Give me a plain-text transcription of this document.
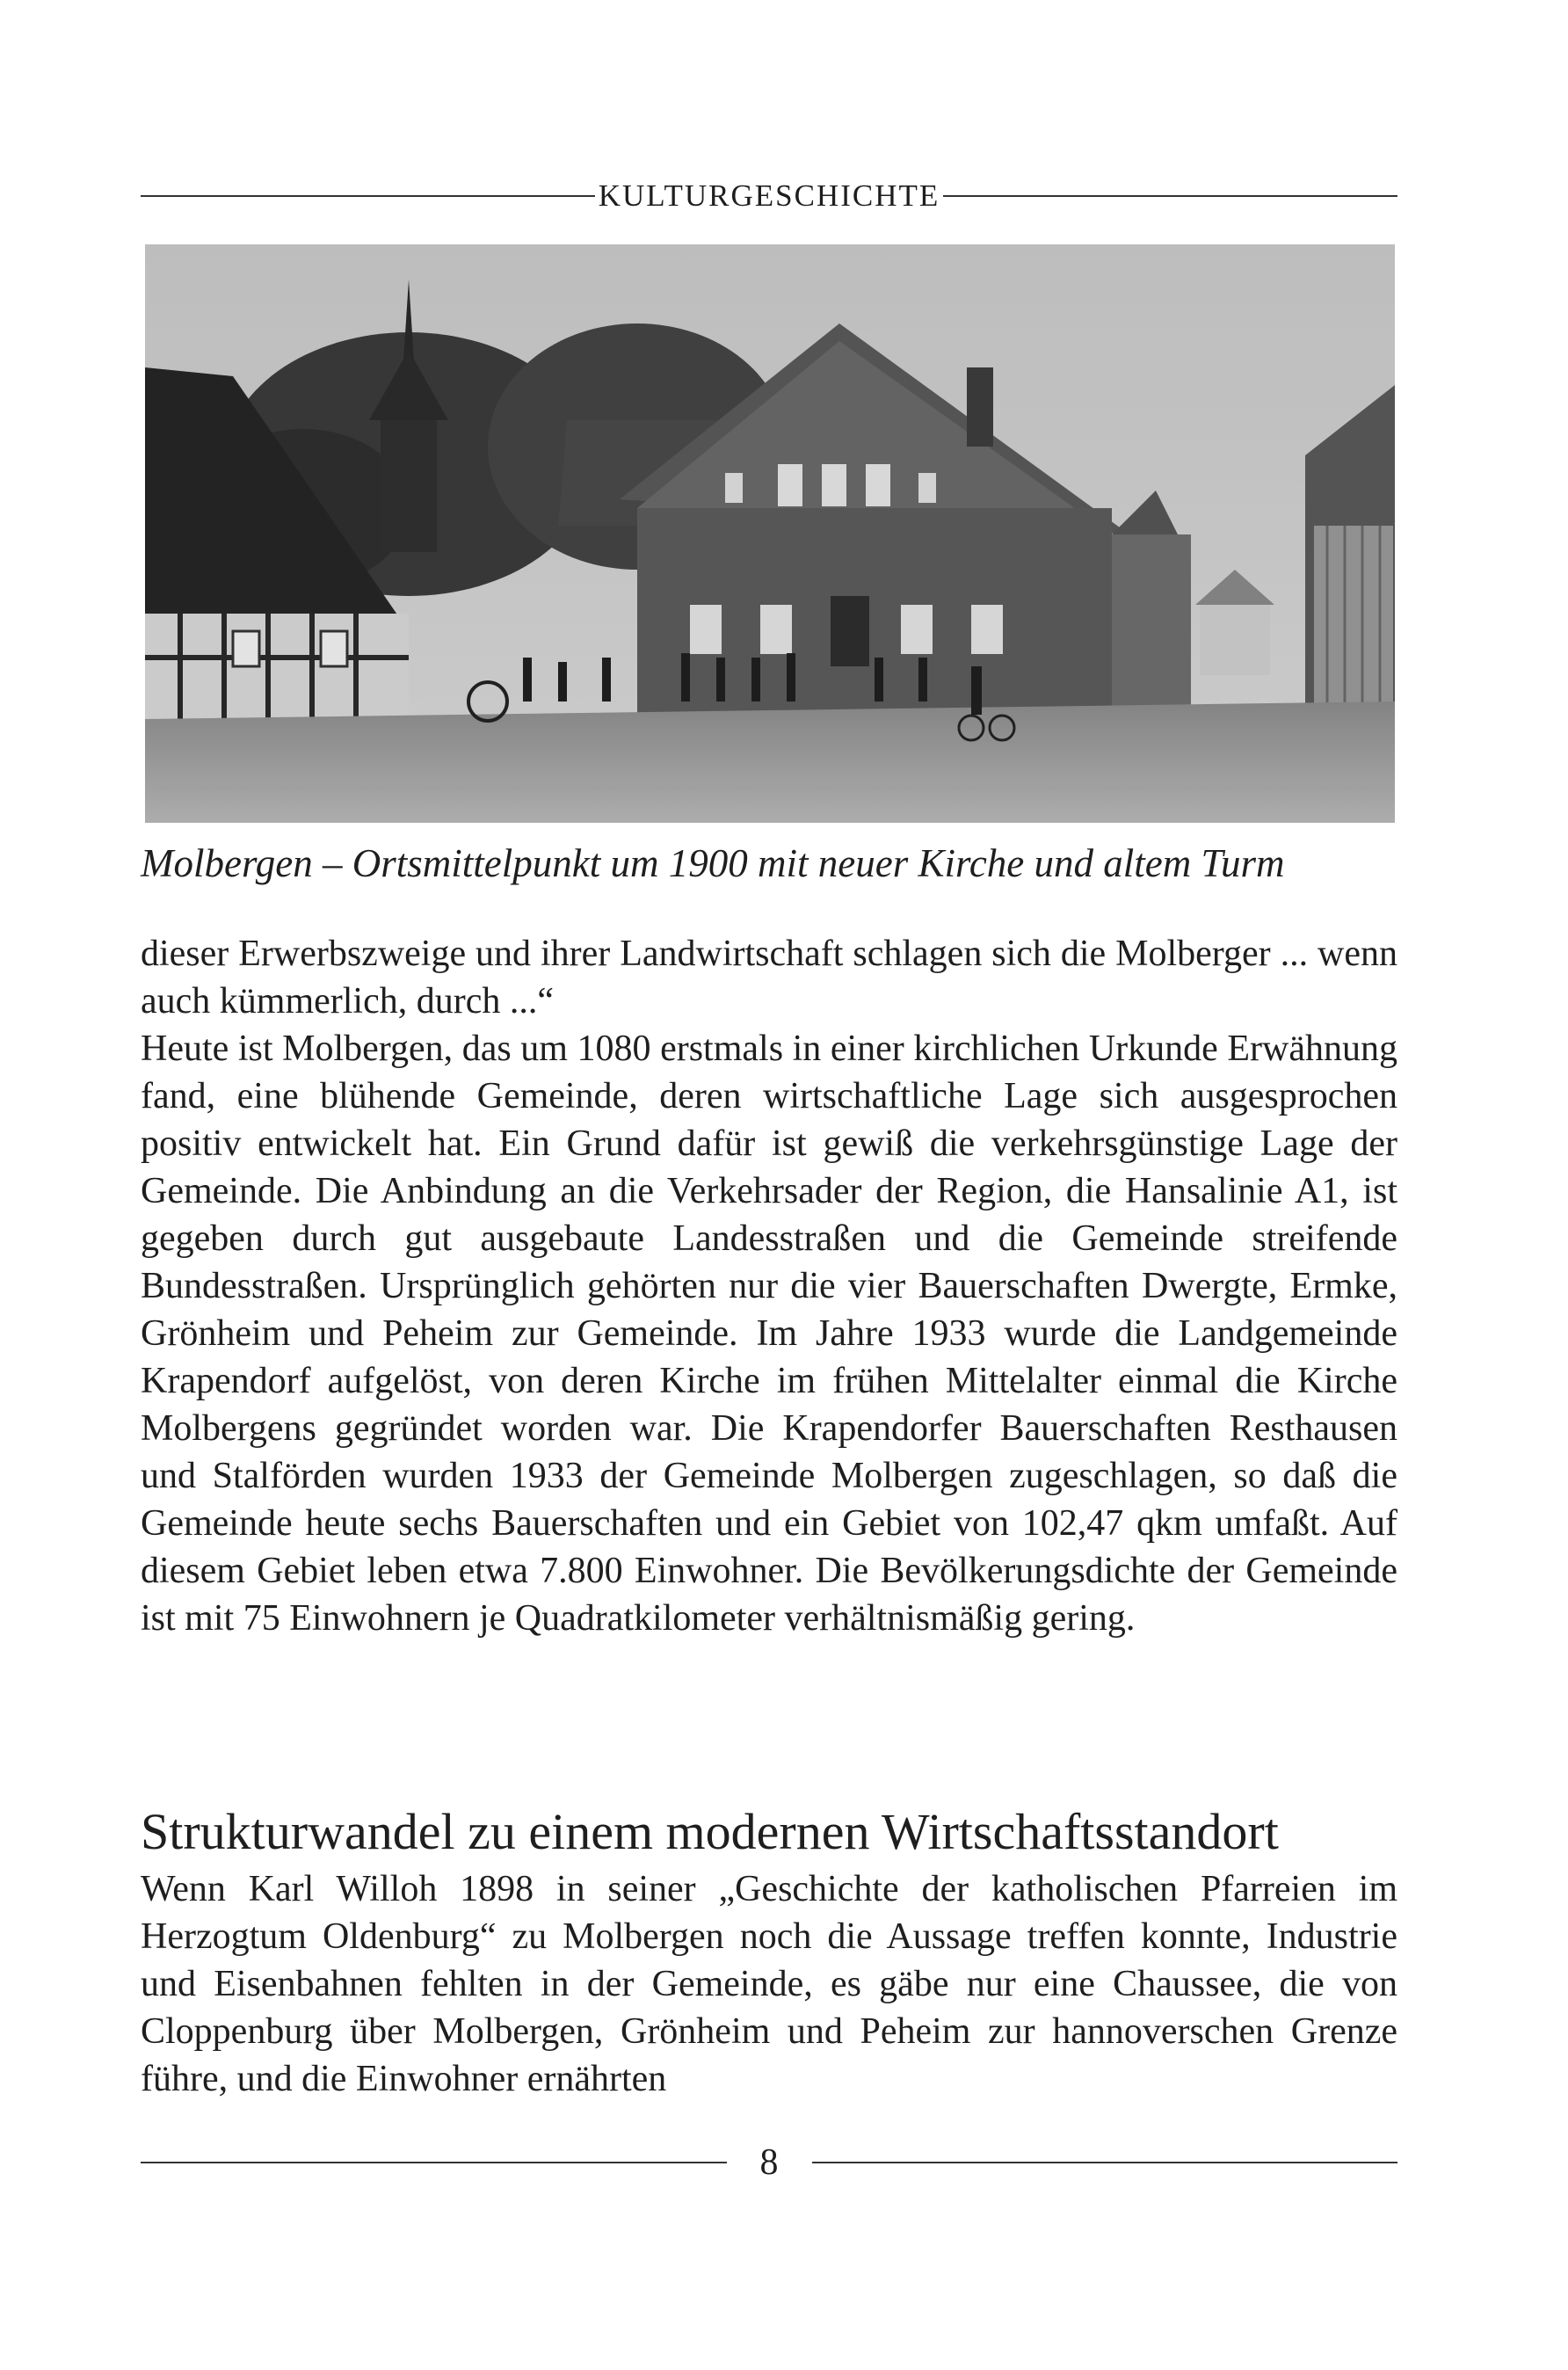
KULTURGESCHICHTE
Molbergen – Ortsmittelpunkt um 1900 mit neuer Kirche und altem Turm

dieser Erwerbszweige und ihrer Landwirtschaft schlagen sich die Molberger ... wenn auch kümmerlich, durch ...“

Heute ist Molbergen, das um 1080 erstmals in einer kirchlichen Urkunde Erwähnung fand, eine blühende Gemeinde, deren wirtschaftliche Lage sich ausgesprochen positiv entwickelt hat. Ein Grund dafür ist gewiß die verkehrsgünstige Lage der Gemeinde. Die Anbindung an die Verkehrsader der Region, die Hansalinie A1, ist gegeben durch gut ausgebaute Landesstraßen und die Gemeinde streifende Bundesstraßen. Ursprünglich gehörten nur die vier Bauerschaften Dwergte, Ermke, Grönheim und Peheim zur Gemeinde. Im Jahre 1933 wurde die Landgemeinde Krapendorf aufgelöst, von deren Kirche im frühen Mittelalter einmal die Kirche Molbergens gegründet worden war. Die Krapendorfer Bauerschaften Resthausen und Stalförden wurden 1933 der Gemeinde Molbergen zugeschlagen, so daß die Gemeinde heute sechs Bauerschaften und ein Gebiet von 102,47 qkm umfaßt. Auf diesem Gebiet leben etwa 7.800 Einwohner. Die Bevölkerungsdichte der Gemeinde ist mit 75 Einwohnern je Quadratkilometer verhältnismäßig gering.

Strukturwandel zu einem modernen Wirtschaftsstandort

Wenn Karl Willoh 1898 in seiner „Geschichte der katholischen Pfarreien im Herzogtum Oldenburg“ zu Molbergen noch die Aussage treffen konnte, Industrie und Eisenbahnen fehlten in der Gemeinde, es gäbe nur eine Chaussee, die von Cloppenburg über Molbergen, Grönheim und Peheim zur hannoverschen Grenze führe, und die Einwohner ernährten

8
